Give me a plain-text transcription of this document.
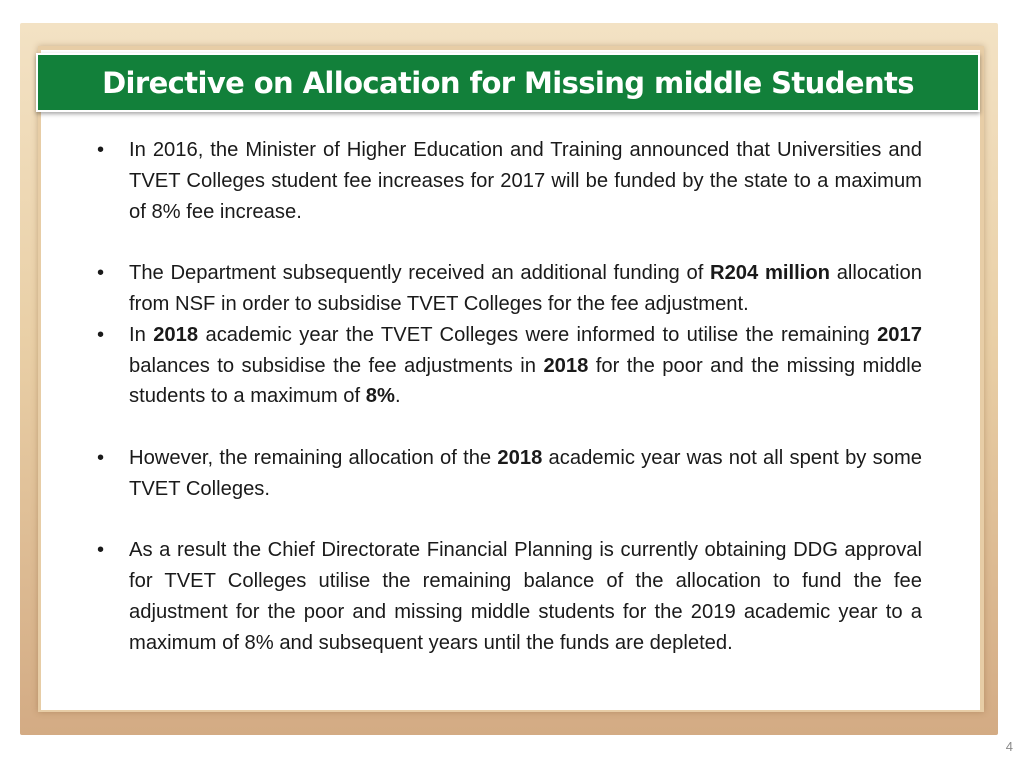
Directive on Allocation for Missing middle Students
• In 2016, the Minister of Higher Education and Training announced that Universities and TVET Colleges student fee increases for 2017 will be funded by the state to a maximum of 8% fee increase.
• The Department subsequently received an additional funding of R204 million allocation from NSF in order to subsidise TVET Colleges for the fee adjustment.
• In 2018 academic year the TVET Colleges were informed to utilise the remaining 2017 balances to subsidise the fee adjustments in 2018 for the poor and the missing middle students to a maximum of 8%.
• However, the remaining allocation of the 2018 academic year was not all spent by some TVET Colleges.
• As a result the Chief Directorate Financial Planning is currently obtaining DDG approval for TVET Colleges utilise the remaining balance of the allocation to fund the fee adjustment for the poor and missing middle students for the 2019 academic year to a maximum of 8% and subsequent years until the funds are depleted.
4
